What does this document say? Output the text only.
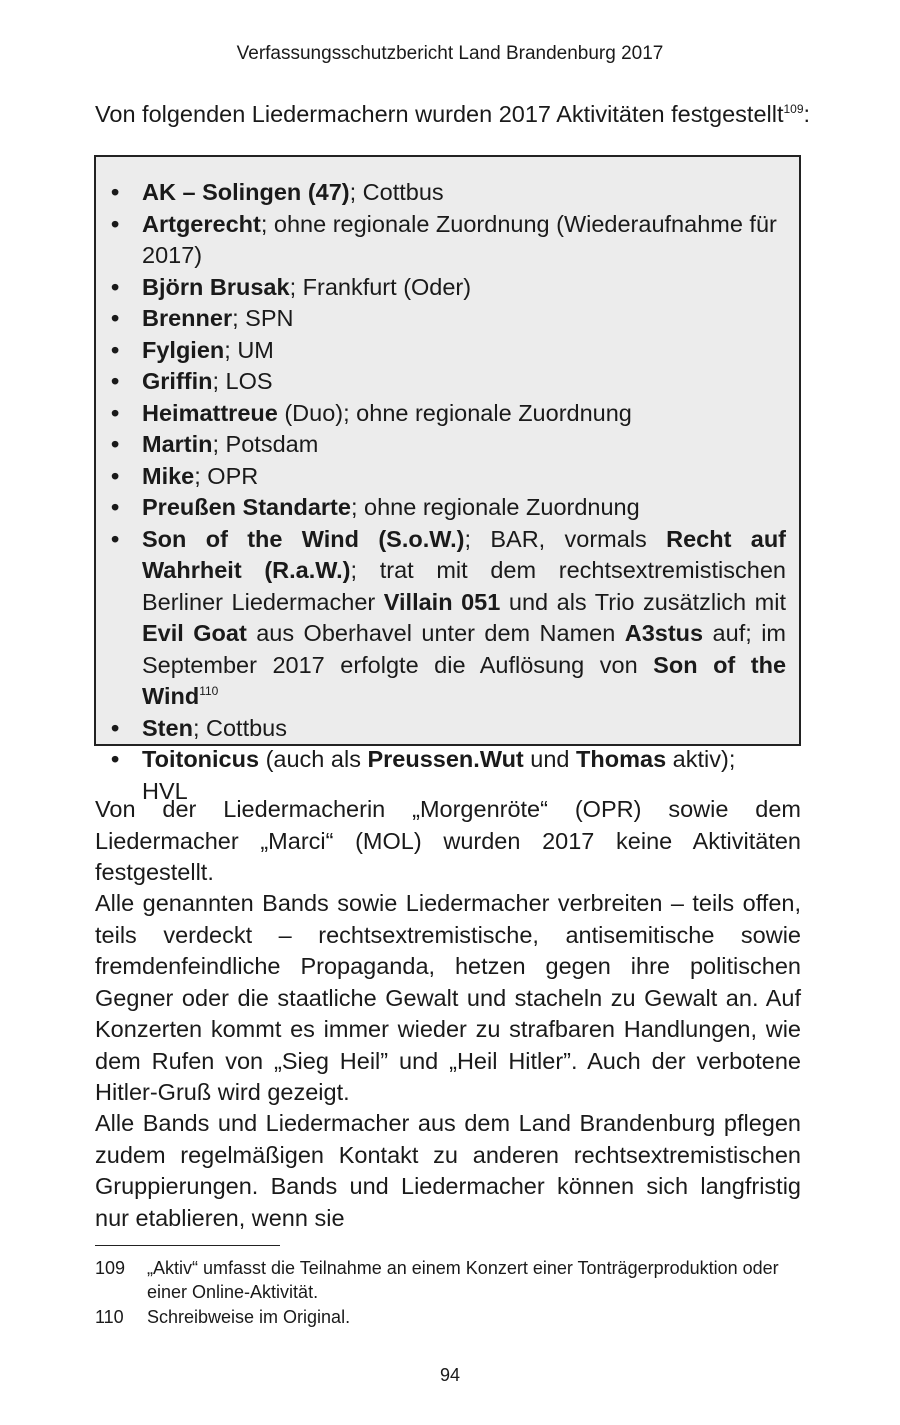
Verfassungsschutzbericht Land Brandenburg 2017
Von folgenden Liedermachern wurden 2017 Aktivitäten festgestellt$^{109}$:
• AK – Solingen (47); Cottbus
• Artgerecht; ohne regionale Zuordnung (Wiederaufnahme für 2017)
• Björn Brusak; Frankfurt (Oder)
• Brenner; SPN
• Fylgien; UM
• Griffin; LOS
• Heimattreue (Duo); ohne regionale Zuordnung
• Martin; Potsdam
• Mike; OPR
• Preußen Standarte; ohne regionale Zuordnung
• Son of the Wind (S.o.W.); BAR, vormals Recht auf Wahrheit (R.a.W.); trat mit dem rechtsextremistischen Berliner Liedermacher Villain 051 und als Trio zusätzlich mit Evil Goat aus Oberhavel unter dem Namen A3stus auf; im September 2017 erfolgte die Auflösung von Son of the Wind$^{110}$
• Sten; Cottbus
• Toitonicus (auch als Preussen.Wut und Thomas aktiv); HVL
Von der Liedermacherin „Morgenröte“ (OPR) sowie dem Liedermacher „Marci“ (MOL) wurden 2017 keine Aktivitäten festgestellt.
Alle genannten Bands sowie Liedermacher verbreiten – teils offen, teils verdeckt – rechtsextremistische, antisemitische sowie fremdenfeindliche Propaganda, hetzen gegen ihre politischen Gegner oder die staatliche Gewalt und stacheln zu Gewalt an. Auf Konzerten kommt es immer wieder zu strafbaren Handlungen, wie dem Rufen von „Sieg Heil” und „Heil Hitler”. Auch der verbotene Hitler-Gruß wird gezeigt.
Alle Bands und Liedermacher aus dem Land Brandenburg pflegen zudem regelmäßigen Kontakt zu anderen rechtsextremistischen Gruppierungen. Bands und Liedermacher können sich langfristig nur etablieren, wenn sie
109 „Aktiv“ umfasst die Teilnahme an einem Konzert einer Tonträgerproduktion oder einer Online-Aktivität.
110 Schreibweise im Original.
94
